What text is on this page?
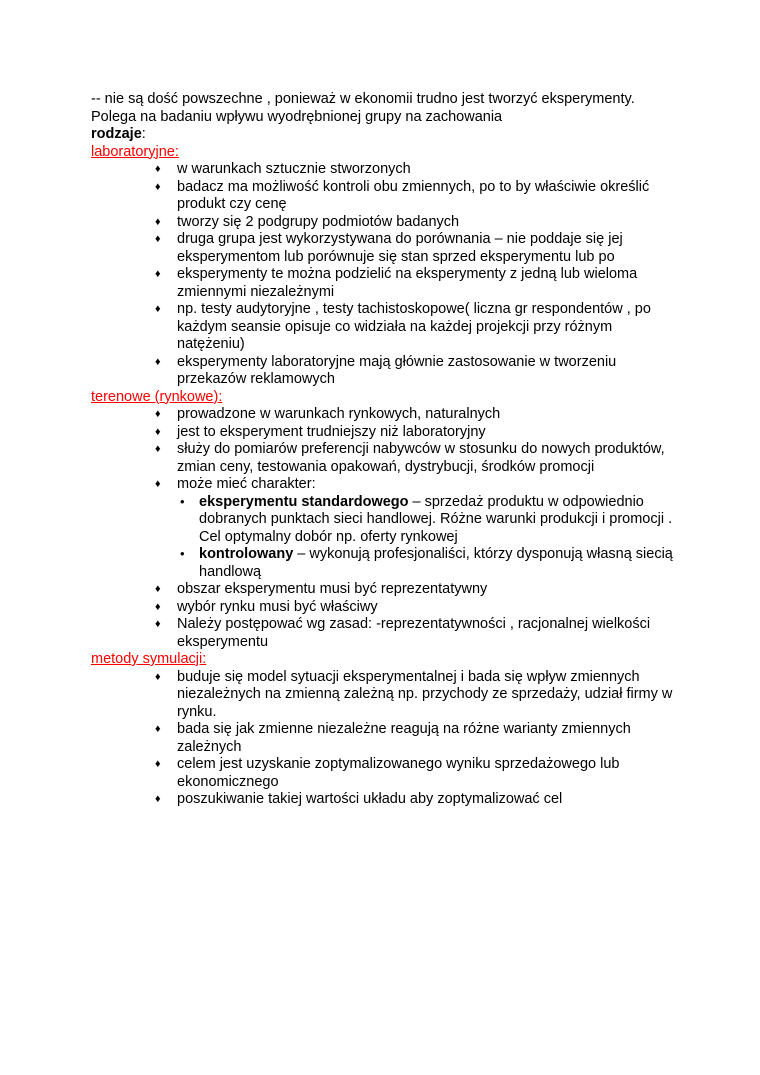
-- nie są dość powszechne , ponieważ w ekonomii trudno jest tworzyć eksperymenty. Polega na badaniu wpływu wyodrębnionej grupy na zachowania
rodzaje:

laboratoryjne:

♦ w warunkach sztucznie stworzonych
♦ badacz ma możliwość kontroli obu zmiennych, po to by właściwie określić produkt czy cenę
♦ tworzy się 2 podgrupy podmiotów badanych
♦ druga grupa jest wykorzystywana do porównania – nie poddaje się jej eksperymentom lub porównuje się stan sprzed eksperymentu lub po
♦ eksperymenty te można podzielić na eksperymenty z jedną lub wieloma zmiennymi niezależnymi
♦ np. testy audytoryjne , testy tachistoskopowe( liczna gr respondentów , po każdym seansie opisuje co widziała na każdej projekcji przy różnym natężeniu)
♦ eksperymenty laboratoryjne mają głównie zastosowanie w tworzeniu przekazów reklamowych

terenowe (rynkowe):

♦ prowadzone w warunkach rynkowych, naturalnych
♦ jest to eksperyment trudniejszy niż laboratoryjny
♦ służy do pomiarów preferencji nabywców w stosunku do nowych produktów, zmian ceny, testowania opakowań, dystrybucji, środków promocji
♦ może mieć charakter:
• eksperymentu standardowego – sprzedaż produktu w odpowiednio dobranych punktach sieci handlowej. Różne warunki produkcji i promocji . Cel optymalny dobór np. oferty rynkowej
• kontrolowany – wykonują profesjonaliści, którzy dysponują własną siecią handlową
♦ obszar eksperymentu musi być reprezentatywny
♦ wybór rynku musi być właściwy
♦ Należy postępować wg zasad: -reprezentatywności , racjonalnej wielkości eksperymentu

metody symulacji:

♦ buduje się model sytuacji eksperymentalnej i bada się wpływ zmiennych niezależnych na zmienną zależną np. przychody ze sprzedaży, udział firmy w rynku.
♦ bada się jak zmienne niezależne reagują na różne warianty zmiennych zależnych
♦ celem jest uzyskanie zoptymalizowanego wyniku sprzedażowego lub ekonomicznego
♦ poszukiwanie takiej wartości układu aby zoptymalizować cel
